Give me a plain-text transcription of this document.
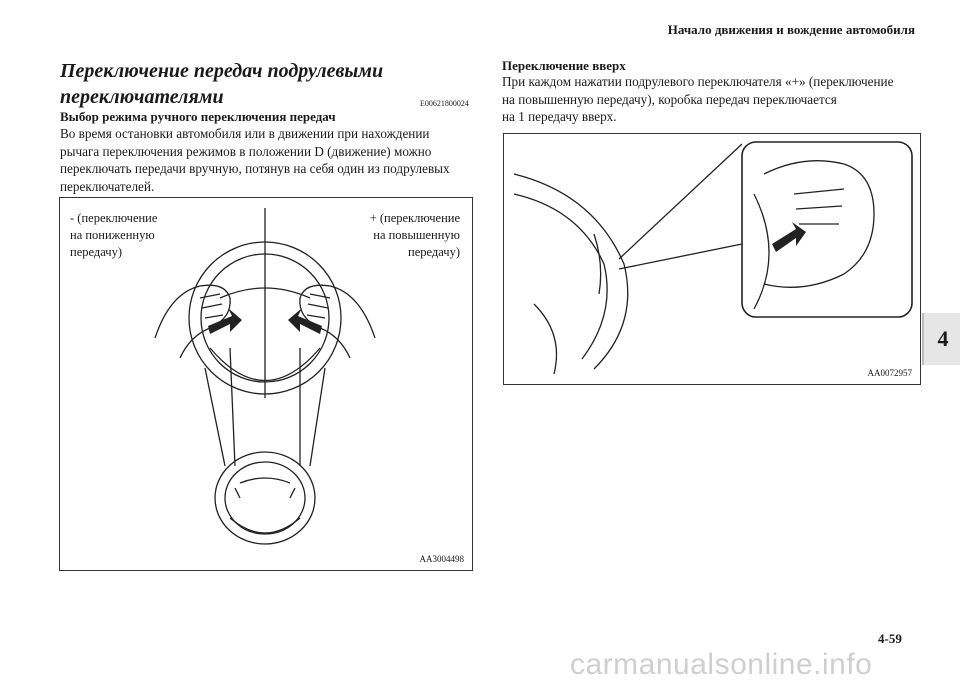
Начало движения и вождение автомобиля
Переключение передач подрулевыми
переключателями	E00621800024
Выбор режима ручного переключения передач
Во время остановки автомобиля или в движении при нахождении
рычага переключения режимов в положении D (движение) можно
переключать передачи вручную, потянув на себя один из подрулевых
переключателей.
- (переключение
на пониженную
передачу)
+ (переключение
на повышенную
передачу)
AA3004498
Переключение вверх
При каждом нажатии подрулевого переключателя «+» (переключение
на повышенную передачу), коробка передач переключается
на 1 передачу вверх.
AA0072957
4
4-59
carmanualsonline.info
